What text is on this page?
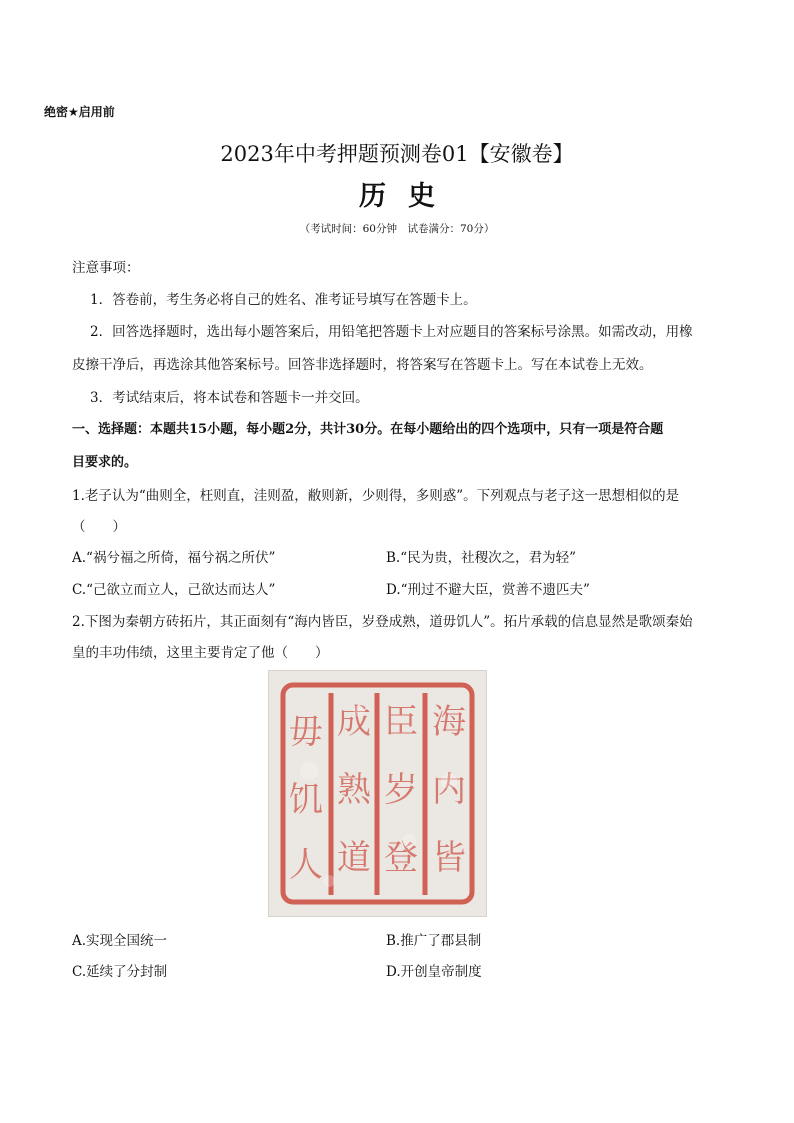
绝密★启用前
2023年中考押题预测卷01【安徽卷】
历史
（考试时间：60分钟　试卷满分：70分）
注意事项：
1．答卷前，考生务必将自己的姓名、准考证号填写在答题卡上。
2．回答选择题时，选出每小题答案后，用铅笔把答题卡上对应题目的答案标号涂黑。如需改动，用橡
皮擦干净后，再选涂其他答案标号。回答非选择题时，将答案写在答题卡上。写在本试卷上无效。
3．考试结束后，将本试卷和答题卡一并交回。
一、选择题：本题共15小题，每小题2分，共计30分。在每小题给出的四个选项中，只有一项是符合题
目要求的。
1.老子认为“曲则全，枉则直，洼则盈，敝则新，少则得，多则惑”。下列观点与老子这一思想相似的是
（　　）
A.“祸兮福之所倚，福兮祸之所伏”	B.“民为贵，社稷次之，君为轻”
C.“己欲立而立人，己欲达而达人”	D.“刑过不避大臣，赏善不遗匹夫”
2.下图为秦朝方砖拓片，其正面刻有“海内皆臣，岁登成熟，道毋饥人”。拓片承载的信息显然是歌颂秦始
皇的丰功伟绩，这里主要肯定了他（　　）
海
内
皆
臣
岁
登
成
熟
道
毋
饥
人
A.实现全国统一	B.推广了郡县制
C.延续了分封制	D.开创皇帝制度
